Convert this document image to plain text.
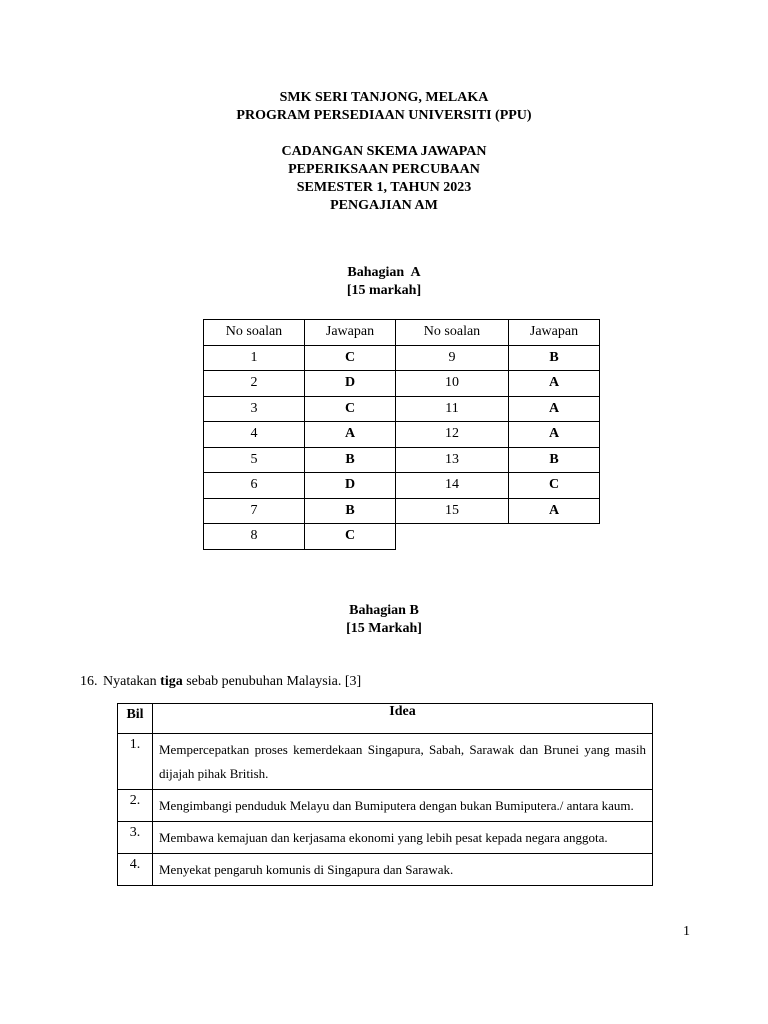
SMK SERI TANJONG, MELAKA
PROGRAM PERSEDIAAN UNIVERSITI (PPU)
CADANGAN SKEMA JAWAPAN
PEPERIKSAAN PERCUBAAN
SEMESTER 1, TAHUN 2023
PENGAJIAN AM
Bahagian  A
[15 markah]
No soalan	Jawapan	No soalan	Jawapan
1	C	9	B
2	D	10	A
3	C	11	A
4	A	12	A
5	B	13	B
6	D	14	C
7	B	15	A
8	C		
Bahagian B
[15 Markah]
16. Nyatakan tiga sebab penubuhan Malaysia. [3]
Bil	Idea
1.	Mempercepatkan proses kemerdekaan Singapura, Sabah, Sarawak dan Brunei yang masih dijajah pihak British.
2.	Mengimbangi penduduk Melayu dan Bumiputera dengan bukan Bumiputera./ antara kaum.
3.	Membawa kemajuan dan kerjasama ekonomi yang lebih pesat kepada negara anggota.
4.	Menyekat pengaruh komunis di Singapura dan Sarawak.
1
